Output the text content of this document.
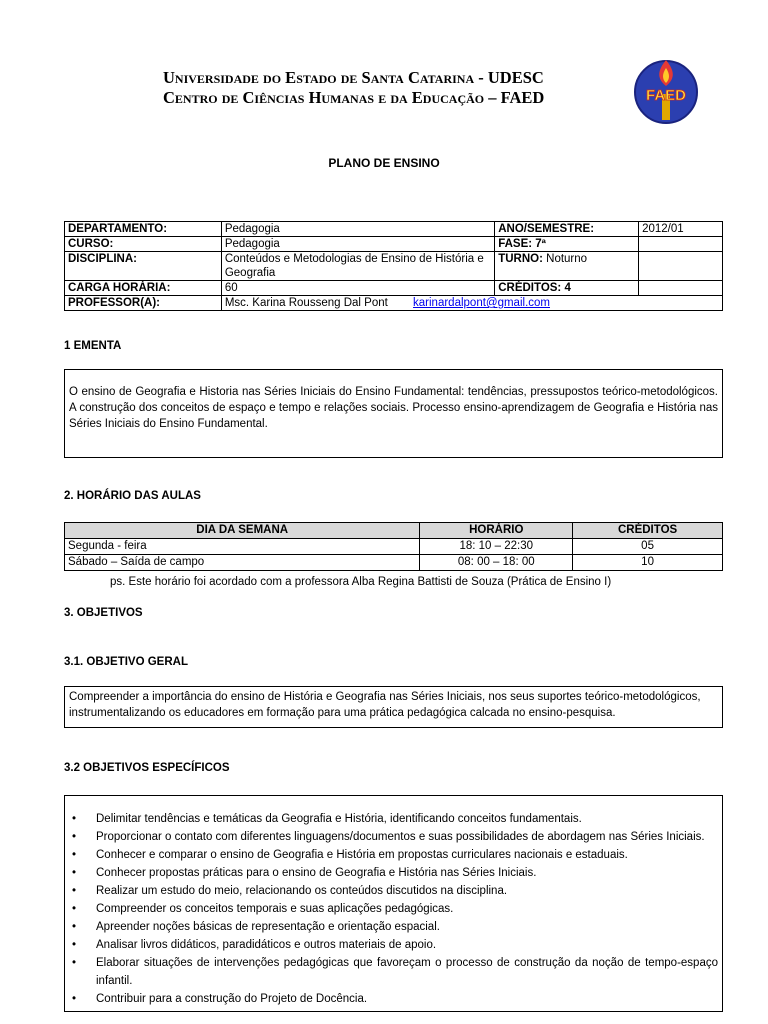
Universidade do Estado de Santa Catarina - UDESC
Centro de Ciências Humanas e da Educação – FAED	FAED
PLANO DE ENSINO
DEPARTAMENTO:	Pedagogia	ANO/SEMESTRE:	2012/01
CURSO:	Pedagogia	FASE: 7ª	
DISCIPLINA:	Conteúdos e Metodologias de Ensino de História e Geografia	TURNO: Noturno	
CARGA HORÁRIA:	60	CRÉDITOS: 4	
PROFESSOR(A):	Msc. Karina Rousseng Dal Pont karinardalpont@gmail.com		
1 EMENTA
O ensino de Geografia e Historia nas Séries Iniciais do Ensino Fundamental: tendências, pressupostos teórico-metodológicos. A construção dos conceitos de espaço e tempo e relações sociais. Processo ensino-aprendizagem de Geografia e História nas Séries Iniciais do Ensino Fundamental.
2. HORÁRIO DAS AULAS
DIA DA SEMANA	HORÁRIO	CRÉDITOS
Segunda - feira	18: 10 – 22:30	05
Sábado – Saída de campo	08: 00 – 18: 00	10
ps. Este horário foi acordado com a professora Alba Regina Battisti de Souza (Prática de Ensino I)
3. OBJETIVOS
3.1. OBJETIVO GERAL
Compreender a importância do ensino de História e Geografia nas Séries Iniciais, nos seus suportes teórico-metodológicos, instrumentalizando os educadores em formação para uma prática pedagógica calcada no ensino-pesquisa.
3.2 OBJETIVOS ESPECÍFICOS
• Delimitar tendências e temáticas da Geografia e História, identificando conceitos fundamentais.
• Proporcionar o contato com diferentes linguagens/documentos e suas possibilidades de abordagem nas Séries Iniciais.
• Conhecer e comparar o ensino de Geografia e História em propostas curriculares nacionais e estaduais.
• Conhecer propostas práticas para o ensino de Geografia e História nas Séries Iniciais.
• Realizar um estudo do meio, relacionando os conteúdos discutidos na disciplina.
• Compreender os conceitos temporais e suas aplicações pedagógicas.
• Apreender noções básicas de representação e orientação espacial.
• Analisar livros didáticos, paradidáticos e outros materiais de apoio.
• Elaborar situações de intervenções pedagógicas que favoreçam o processo de construção da noção de tempo-espaço infantil.
• Contribuir para a construção do Projeto de Docência.
